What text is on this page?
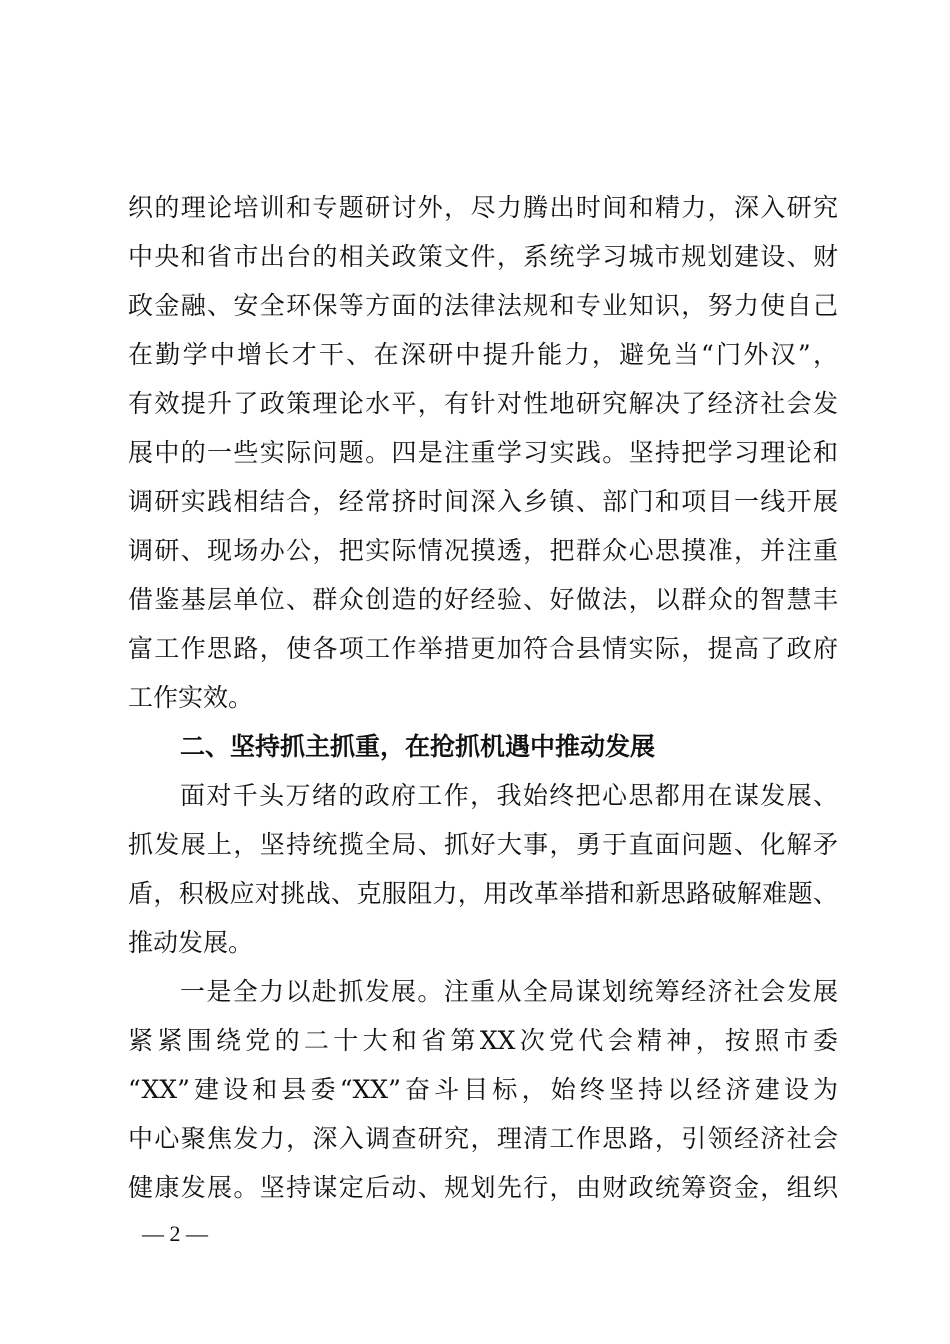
织的理论培训和专题研讨外，尽力腾出时间和精力，深入研究
中央和省市出台的相关政策文件，系统学习城市规划建设、财
政金融、安全环保等方面的法律法规和专业知识，努力使自己
在勤学中增长才干、在深研中提升能力，避免当“门外汉”，
有效提升了政策理论水平，有针对性地研究解决了经济社会发
展中的一些实际问题。四是注重学习实践。坚持把学习理论和
调研实践相结合，经常挤时间深入乡镇、部门和项目一线开展
调研、现场办公，把实际情况摸透，把群众心思摸准，并注重
借鉴基层单位、群众创造的好经验、好做法，以群众的智慧丰
富工作思路，使各项工作举措更加符合县情实际，提高了政府
工作实效。
二、坚持抓主抓重，在抢抓机遇中推动发展
面对千头万绪的政府工作，我始终把心思都用在谋发展、
抓发展上，坚持统揽全局、抓好大事，勇于直面问题、化解矛
盾，积极应对挑战、克服阻力，用改革举措和新思路破解难题、
推动发展。
一是全力以赴抓发展。注重从全局谋划统筹经济社会发展
紧紧围绕党的二十大和省第XX次党代会精神，按照市委
“XX”建设和县委“XX”奋斗目标，始终坚持以经济建设为
中心聚焦发力，深入调查研究，理清工作思路，引领经济社会
健康发展。坚持谋定后动、规划先行，由财政统筹资金，组织
— 2 —
